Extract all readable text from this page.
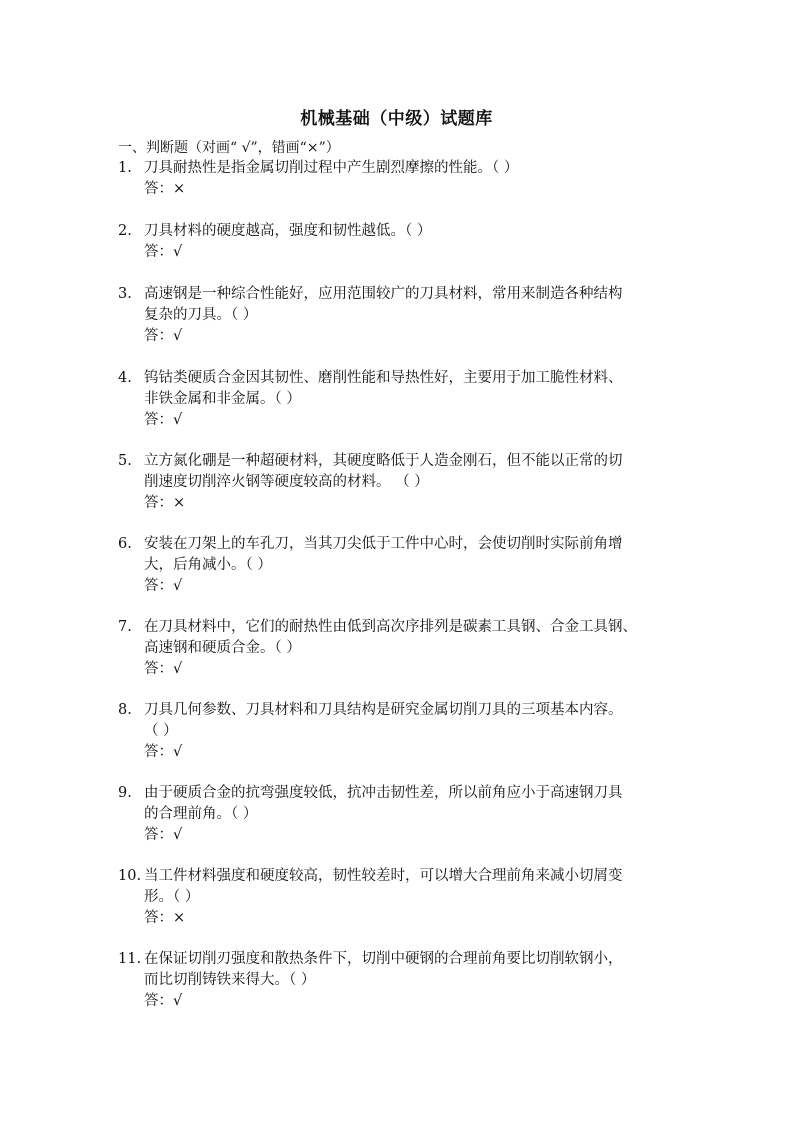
机械基础（中级）试题库
一、判断题（对画“ √”，错画“×”）
1. 刀具耐热性是指金属切削过程中产生剧烈摩擦的性能。（ ）
答：×
2. 刀具材料的硬度越高，强度和韧性越低。（ ）
答：√
3. 高速钢是一种综合性能好，应用范围较广的刀具材料，常用来制造各种结构
复杂的刀具。（ ）
答：√
4. 钨钴类硬质合金因其韧性、磨削性能和导热性好，主要用于加工脆性材料、
非铁金属和非金属。（ ）
答：√
5. 立方氮化硼是一种超硬材料，其硬度略低于人造金刚石，但不能以正常的切
削速度切削淬火钢等硬度较高的材料。 （ ）
答：×
6. 安装在刀架上的车孔刀，当其刀尖低于工件中心时，会使切削时实际前角增
大，后角减小。（ ）
答：√
7. 在刀具材料中，它们的耐热性由低到高次序排列是碳素工具钢、合金工具钢、
高速钢和硬质合金。（ ）
答：√
8. 刀具几何参数、刀具材料和刀具结构是研究金属切削刀具的三项基本内容。
（ ）
答：√
9. 由于硬质合金的抗弯强度较低，抗冲击韧性差，所以前角应小于高速钢刀具
的合理前角。（ ）
答：√
10. 当工件材料强度和硬度较高，韧性较差时，可以增大合理前角来减小切屑变
形。（ ）
答：×
11. 在保证切削刃强度和散热条件下，切削中硬钢的合理前角要比切削软钢小，
而比切削铸铁来得大。（ ）
答：√
